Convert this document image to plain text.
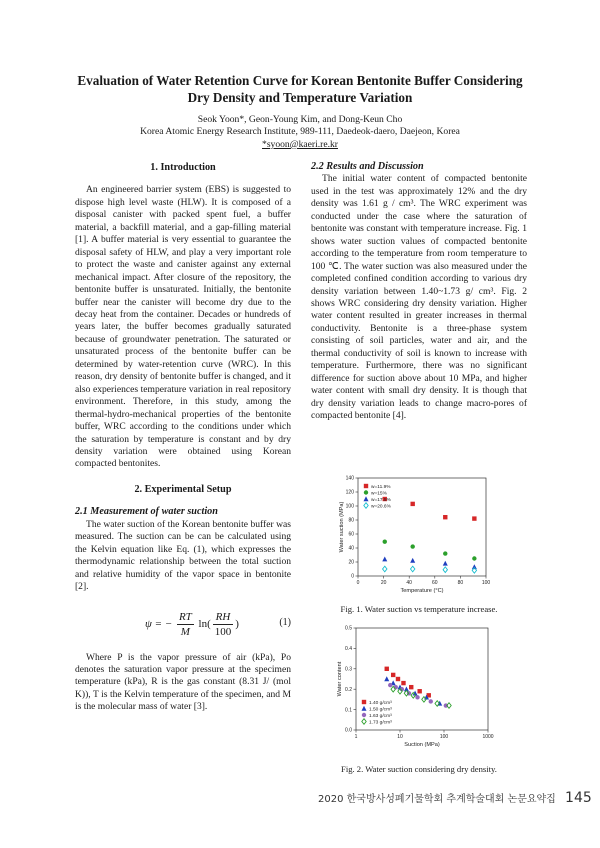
Evaluation of Water Retention Curve for Korean Bentonite Buffer Considering
Dry Density and Temperature Variation
Seok Yoon*, Geon-Young Kim, and Dong-Keun Cho
Korea Atomic Energy Research Institute, 989-111, Daedeok-daero, Daejeon, Korea
*syoon@kaeri.re.kr
1. Introduction

An engineered barrier system (EBS) is suggested to dispose high level waste (HLW). It is composed of a disposal canister with packed spent fuel, a buffer material, a backfill material, and a gap-filling material [1]. A buffer material is very essential to guarantee the disposal safety of HLW, and play a very important role to protect the waste and canister against any external mechanical impact. After closure of the repository, the bentonite buffer is unsaturated. Initially, the bentonite buffer near the canister will become dry due to the decay heat from the container. Decades or hundreds of years later, the buffer becomes gradually saturated because of groundwater penetration. The saturated or unsaturated process of the bentonite buffer can be determined by water-retention curve (WRC). In this reason, dry density of bentonite buffer is changed, and it also experiences temperature variation in real repository environment. Therefore, in this study, among the thermal-hydro-mechanical properties of the bentonite buffer, WRC according to the conditions under which the saturation by temperature is constant and by dry density variation were obtained using Korean compacted bentonites.

2. Experimental Setup
2.1 Measurement of water suction

The water suction of the Korean bentonite buffer was measured. The suction can be can be calculated using the Kelvin equation like Eq. (1), which expresses the thermodynamic relationship between the total suction and relative humidity of the vapor space in bentonite [2].

ψ = − $\frac{RT}{M} \ln( \frac{RH}{100}$ )	(1)

Where P is the vapor pressure of air (kPa), Po denotes the saturation vapor pressure at the specimen temperature (kPa), R is the gas constant (8.31 J/ (mol K)), T is the Kelvin temperature of the specimen, and M is the molecular mass of water [3].

2.2 Results and Discussion

The initial water content of compacted bentonite used in the test was approximately 12% and the dry density was 1.61 g / cm³. The WRC experiment was conducted under the case where the saturation of bentonite was constant with temperature increase. Fig. 1 shows water suction values of compacted bentonite according to the temperature from room temperature to 100 ℃. The water suction was also measured under the completed confined condition according to various dry density variation between 1.40~1.73 g/ cm³. Fig. 2 shows WRC considering dry density variation. Higher water content resulted in greater increases in thermal conductivity. Bentonite is a three-phase system consisting of soil particles, water and air, and the thermal conductivity of soil is known to increase with temperature. Furthermore, there was no significant difference for suction above about 10 MPa, and higher water content with small dry density. It is though that dry density variation leads to change macro-pores of compacted bentonite [4].

0	20	40	60	80	100
0
20
40
60
80
100
120
140
Temperature (°C)
Water suction (MPa)
w=11.9%
w=15%
w=17.5%
w=20.6%
Fig. 1. Water suction vs temperature increase.
1	10	100	1000
0.0
0.1
0.2
0.3
0.4
0.5
Suction (MPa)
Water content
1.40 g/cm³
1.50 g/cm³
1.63 g/cm³
1.73 g/cm³
Fig. 2. Water suction considering dry density.
2020 한국방사성폐기물학회 추계학술대회 논문요약집 145
